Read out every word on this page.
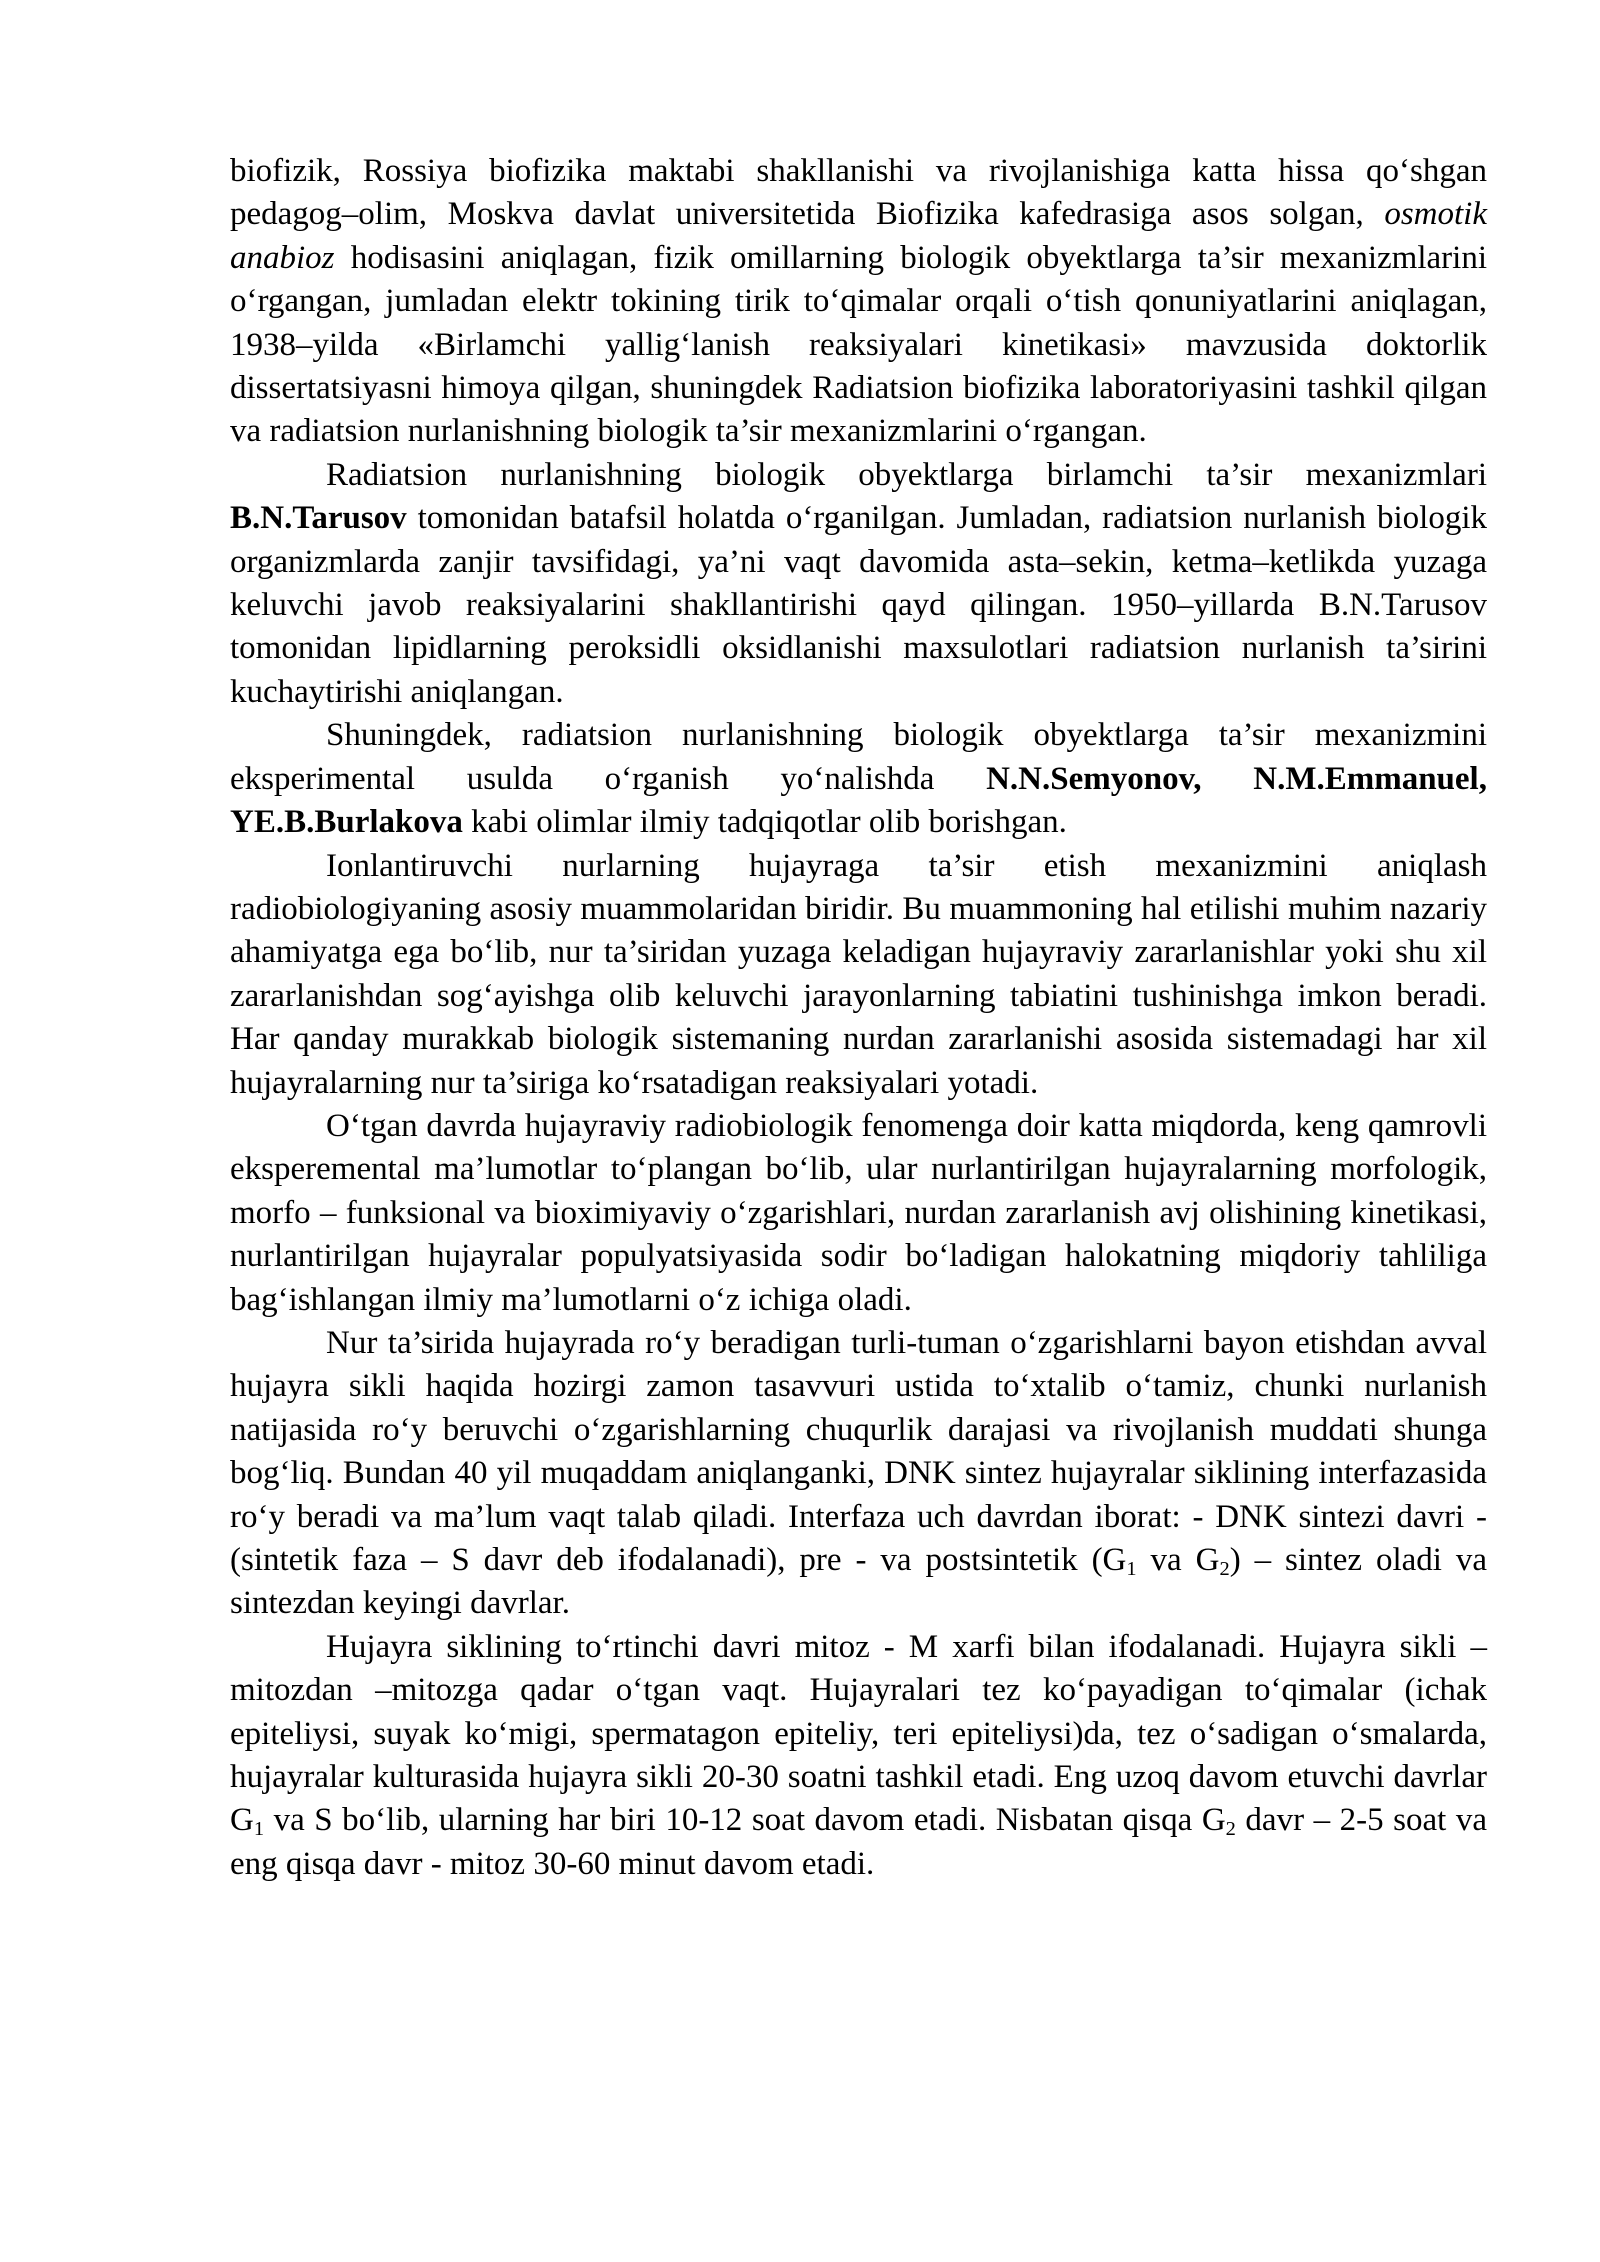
biofizik, Rossiya biofizika maktabi shakllanishi va rivojlanishiga katta hissa qo‘shgan pedagog–olim, Moskva davlat universitetida Biofizika kafedrasiga asos solgan, osmotik anabioz hodisasini aniqlagan, fizik omillarning biologik obyektlarga ta’sir mexanizmlarini o‘rgangan, jumladan elektr tokining tirik to‘qimalar orqali o‘tish qonuniyatlarini aniqlagan, 1938–yilda «Birlamchi yallig‘lanish reaksiyalari kinetikasi» mavzusida doktorlik dissertatsiyasni himoya qilgan, shuningdek Radiatsion biofizika laboratoriyasini tashkil qilgan va radiatsion nurlanishning biologik ta’sir mexanizmlarini o‘rgangan.

Radiatsion nurlanishning biologik obyektlarga birlamchi ta’sir mexanizmlari B.N.Tarusov tomonidan batafsil holatda o‘rganilgan. Jumladan, radiatsion nurlanish biologik organizmlarda zanjir tavsifidagi, ya’ni vaqt davomida asta–sekin, ketma–ketlikda yuzaga keluvchi javob reaksiyalarini shakllantirishi qayd qilingan. 1950–yillarda B.N.Tarusov tomonidan lipidlarning peroksidli oksidlanishi maxsulotlari radiatsion nurlanish ta’sirini kuchaytirishi aniqlangan.

Shuningdek, radiatsion nurlanishning biologik obyektlarga ta’sir mexanizmini eksperimental usulda o‘rganish yo‘nalishda N.N.Semyonov, N.M.Emmanuel, YE.B.Burlakova kabi olimlar ilmiy tadqiqotlar olib borishgan.

Ionlantiruvchi nurlarning hujayraga ta’sir etish mexanizmini aniqlash radiobiologiyaning asosiy muammolaridan biridir. Bu muammoning hal etilishi muhim nazariy ahamiyatga ega bo‘lib, nur ta’siridan yuzaga keladigan hujayraviy zararlanishlar yoki shu xil zararlanishdan sog‘ayishga olib keluvchi jarayonlarning tabiatini tushinishga imkon beradi. Har qanday murakkab biologik sistemaning nurdan zararlanishi asosida sistemadagi har xil hujayralarning nur ta’siriga ko‘rsatadigan reaksiyalari yotadi.

O‘tgan davrda hujayraviy radiobiologik fenomenga doir katta miqdorda, keng qamrovli eksperemental ma’lumotlar to‘plangan bo‘lib, ular nurlantirilgan hujayralarning morfologik, morfo – funksional va bioximiyaviy o‘zgarishlari, nurdan zararlanish avj olishining kinetikasi, nurlantirilgan hujayralar populyatsiyasida sodir bo‘ladigan halokatning miqdoriy tahliliga bag‘ishlangan ilmiy ma’lumotlarni o‘z ichiga oladi.

Nur ta’sirida hujayrada ro‘y beradigan turli-tuman o‘zgarishlarni bayon etishdan avval hujayra sikli haqida hozirgi zamon tasavvuri ustida to‘xtalib o‘tamiz, chunki nurlanish natijasida ro‘y beruvchi o‘zgarishlarning chuqurlik darajasi va rivojlanish muddati shunga bog‘liq. Bundan 40 yil muqaddam aniqlanganki, DNK sintez hujayralar siklining interfazasida ro‘y beradi va ma’lum vaqt talab qiladi. Interfaza uch davrdan iborat: - DNK sintezi davri - (sintetik faza – S davr deb ifodalanadi), pre - va postsintetik ($G_1$ va $G_2$) – sintez oladi va sintezdan keyingi davrlar.

Hujayra siklining to‘rtinchi davri mitoz - M xarfi bilan ifodalanadi. Hujayra sikli – mitozdan –mitozga qadar o‘tgan vaqt. Hujayralari tez ko‘payadigan to‘qimalar (ichak epiteliysi, suyak ko‘migi, spermatagon epiteliy, teri epiteliysi)da, tez o‘sadigan o‘smalarda, hujayralar kulturasida hujayra sikli 20-30 soatni tashkil etadi. Eng uzoq davom etuvchi davrlar $G_1$ va S bo‘lib, ularning har biri 10-12 soat davom etadi. Nisbatan qisqa $G_2$ davr – 2-5 soat va eng qisqa davr - mitoz 30-60 minut davom etadi.
